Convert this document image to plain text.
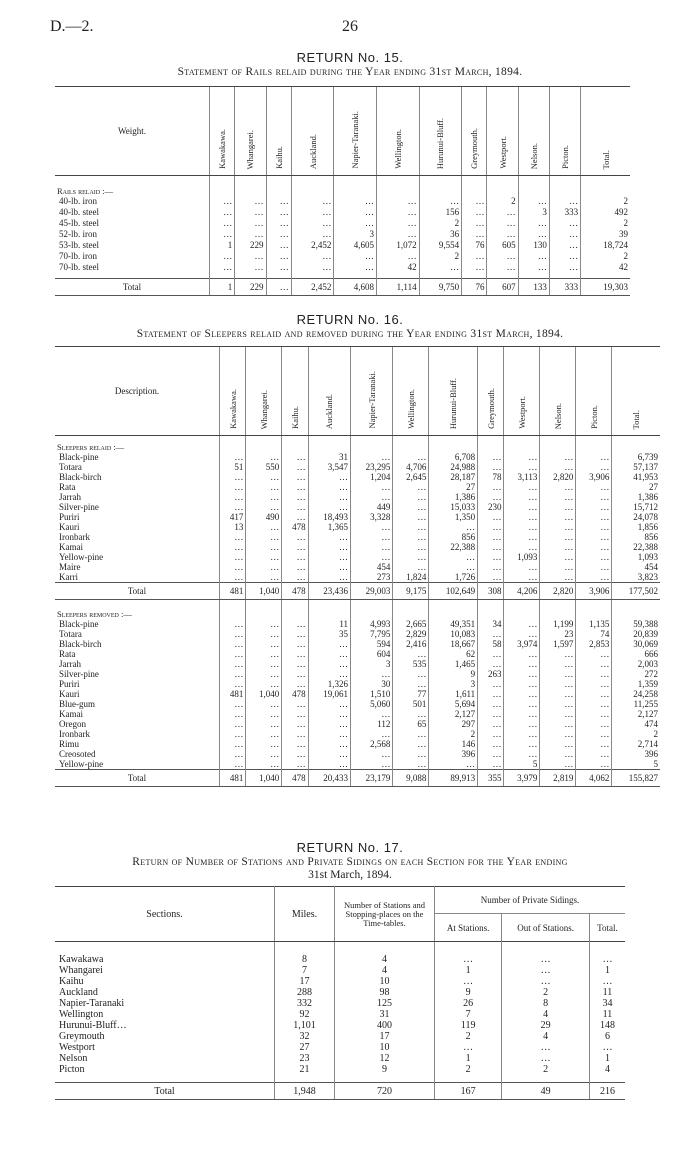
D.—2.	26
RETURN No. 15.
Statement of Rails relaid during the Year ending 31st March, 1894.
Weight.	Kawakawa.	Whangarei.	Kaihu.	Auckland.	Napier-Taranaki.	Wellington.	Hurunui-Bluff.	Greymouth.	Westport.	Nelson.	Picton.	Total.
Rails relaid :—												
40-lb. iron	…	…	…	…	…	…	…	…	2	…	…	2
40-lb. steel	…	…	…	…	…	…	156	…	…	3	333	492
45-lb. steel	…	…	…	…	…	…	2	…	…	…	…	2
52-lb. iron	…	…	…	…	3	…	36	…	…	…	…	39
53-lb. steel	1	229	…	2,452	4,605	1,072	9,554	76	605	130	…	18,724
70-lb. iron	…	…	…	…	…	…	2	…	…	…	…	2
70-lb. steel	…	…	…	…	…	42	…	…	…	…	…	42

Total	1	229	…	2,452	4,608	1,114	9,750	76	607	133	333	19,303
RETURN No. 16.
Statement of Sleepers relaid and removed during the Year ending 31st March, 1894.
Description.	Kawakawa.	Whangarei.	Kaihu.	Auckland.	Napier-Taranaki.	Wellington.	Hurunui-Bluff.	Greymouth.	Westport.	Nelson.	Picton.	Total.
Sleepers relaid :—												
Black-pine	…	…	…	31	…	…	6,708	…	…	…	…	6,739
Totara	51	550	…	3,547	23,295	4,706	24,988	…	…	…	…	57,137
Black-birch	…	…	…	…	1,204	2,645	28,187	78	3,113	2,820	3,906	41,953
Rata	…	…	…	…	…	…	27	…	…	…	…	27
Jarrah	…	…	…	…	…	…	1,386	…	…	…	…	1,386
Silver-pine	…	…	…	…	449	…	15,033	230	…	…	…	15,712
Puriri	417	490	…	18,493	3,328	…	1,350	…	…	…	…	24,078
Kauri	13	…	478	1,365	…	…	…	…	…	…	…	1,856
Ironbark	…	…	…	…	…	…	856	…	…	…	…	856
Kamai	…	…	…	…	…	…	22,388	…	…	…	…	22,388
Yellow-pine	…	…	…	…	…	…	…	…	1,093	…	…	1,093
Maire	…	…	…	…	454	…	…	…	…	…	…	454
Karri	…	…	…	…	273	1,824	1,726	…	…	…	…	3,823
Total	481	1,040	478	23,436	29,003	9,175	102,649	308	4,206	2,820	3,906	177,502
Sleepers removed :—												
Black-pine	…	…	…	11	4,993	2,665	49,351	34	…	1,199	1,135	59,388
Totara	…	…	…	35	7,795	2,829	10,083	…	…	23	74	20,839
Black-birch	…	…	…	…	594	2,416	18,667	58	3,974	1,597	2,853	30,069
Rata	…	…	…	…	604	…	62	…	…	…	…	666
Jarrah	…	…	…	…	3	535	1,465	…	…	…	…	2,003
Silver-pine	…	…	…	…	…	…	9	263	…	…	…	272
Puriri	…	…	…	1,326	30	…	3	…	…	…	…	1,359
Kauri	481	1,040	478	19,061	1,510	77	1,611	…	…	…	…	24,258
Blue-gum	…	…	…	…	5,060	501	5,694	…	…	…	…	11,255
Kamai	…	…	…	…	…	…	2,127	…	…	…	…	2,127
Oregon	…	…	…	…	112	65	297	…	…	…	…	474
Ironbark	…	…	…	…	…	…	2	…	…	…	…	2
Rimu	…	…	…	…	2,568	…	146	…	…	…	…	2,714
Creosoted	…	…	…	…	…	…	396	…	…	…	…	396
Yellow-pine	…	…	…	…	…	…	…	…	5	…	…	5
Total	481	1,040	478	20,433	23,179	9,088	89,913	355	3,979	2,819	4,062	155,827
RETURN No. 17.
Return of Number of Stations and Private Sidings on each Section for the Year ending
31st March, 1894.
Sections.	Miles.	Number of Stations and Stopping-places on the Time-tables.	Number of Private Sidings.		
			At Stations.	Out of Stations.	Total.

Kawakawa	8	4	…	…	…
Whangarei	7	4	1	…	1
Kaihu	17	10	…	…	…
Auckland	288	98	9	2	11
Napier-Taranaki	332	125	26	8	34
Wellington	92	31	7	4	11
Hurunui-Bluff…	1,101	400	119	29	148
Greymouth	32	17	2	4	6
Westport	27	10	…	…	…
Nelson	23	12	1	…	1
Picton	21	9	2	2	4

Total	1,948	720	167	49	216
